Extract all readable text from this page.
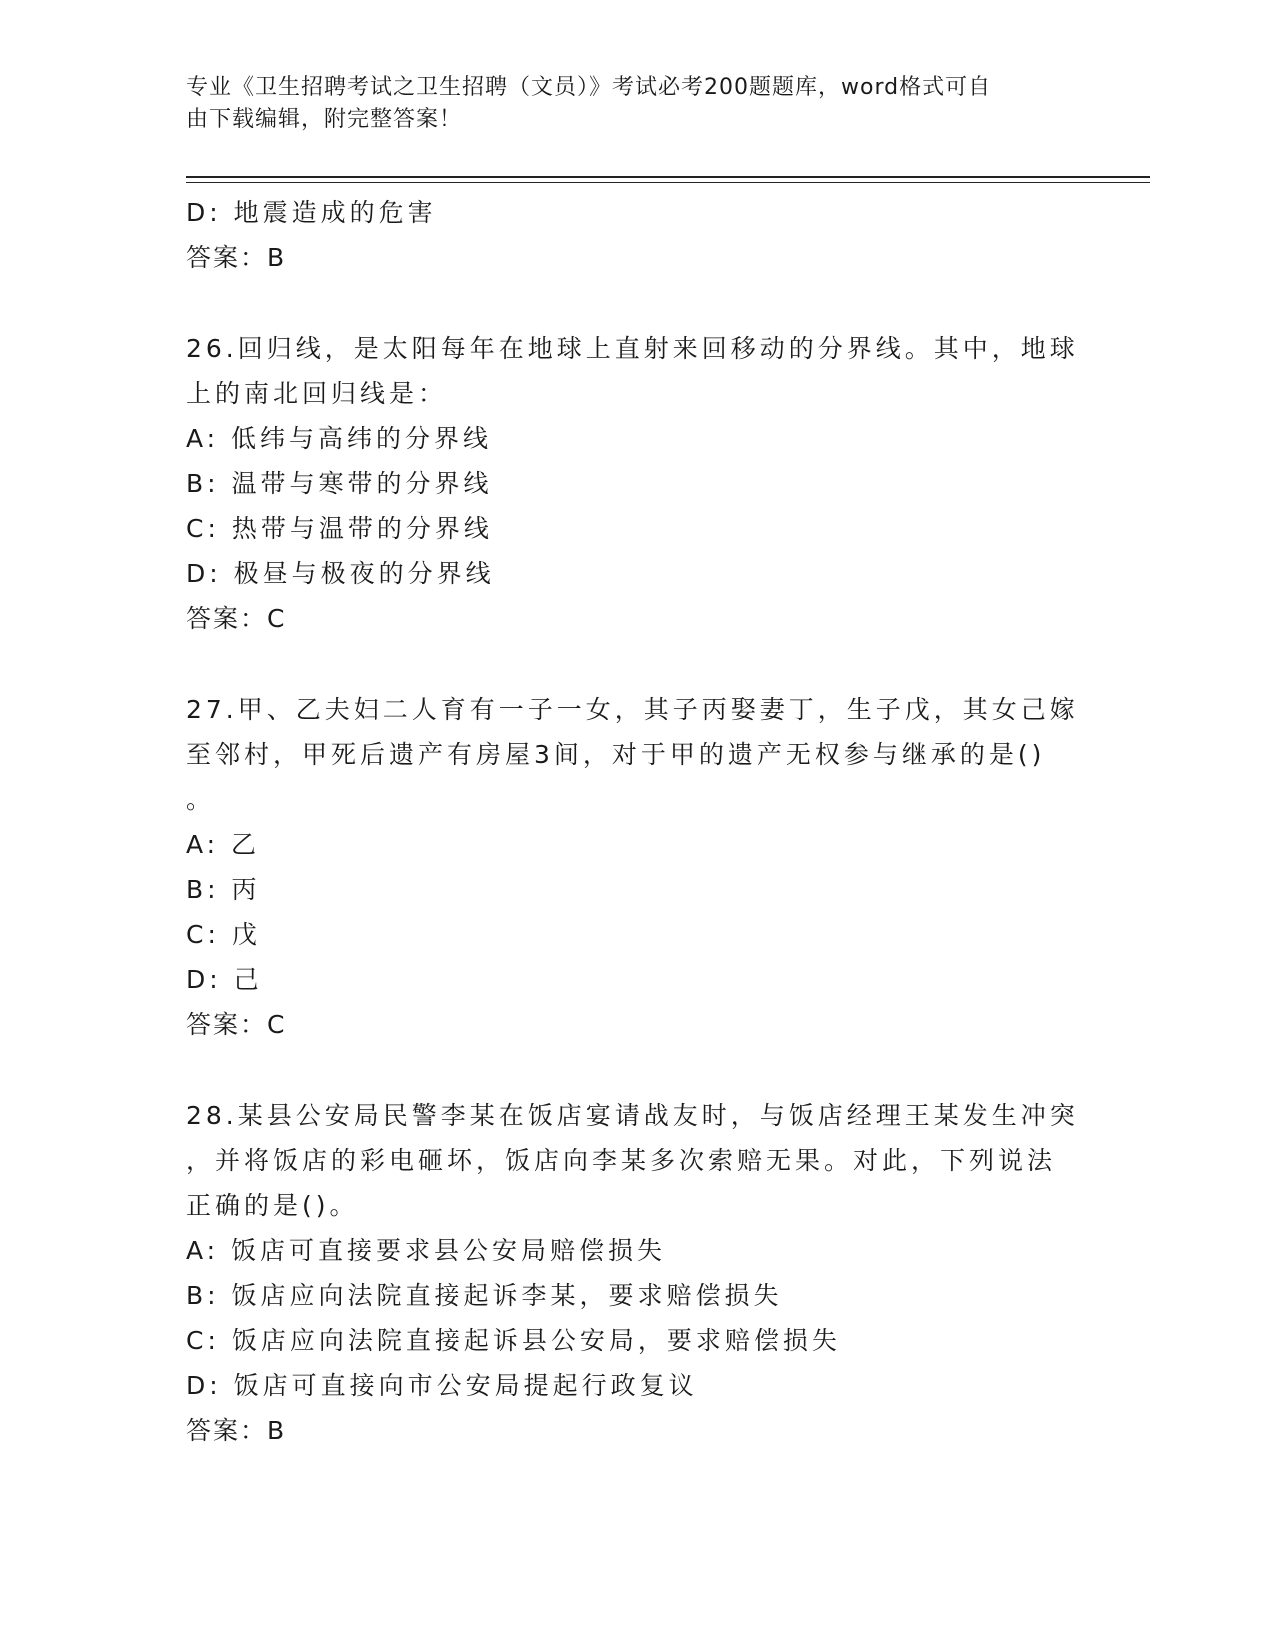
专业《卫生招聘考试之卫生招聘（文员）》考试必考200题题库，word格式可自
由下载编辑，附完整答案！
D: 地震造成的危害
答案：B
26.回归线，是太阳每年在地球上直射来回移动的分界线。其中，地球
上的南北回归线是：
A: 低纬与高纬的分界线
B: 温带与寒带的分界线
C: 热带与温带的分界线
D: 极昼与极夜的分界线
答案：C
27.甲、乙夫妇二人育有一子一女，其子丙娶妻丁，生子戊，其女己嫁
至邻村，甲死后遗产有房屋3间，对于甲的遗产无权参与继承的是()
。
A: 乙
B: 丙
C: 戊
D: 己
答案：C
28.某县公安局民警李某在饭店宴请战友时，与饭店经理王某发生冲突
，并将饭店的彩电砸坏，饭店向李某多次索赔无果。对此，下列说法
正确的是()。
A: 饭店可直接要求县公安局赔偿损失
B: 饭店应向法院直接起诉李某，要求赔偿损失
C: 饭店应向法院直接起诉县公安局，要求赔偿损失
D: 饭店可直接向市公安局提起行政复议
答案：B
